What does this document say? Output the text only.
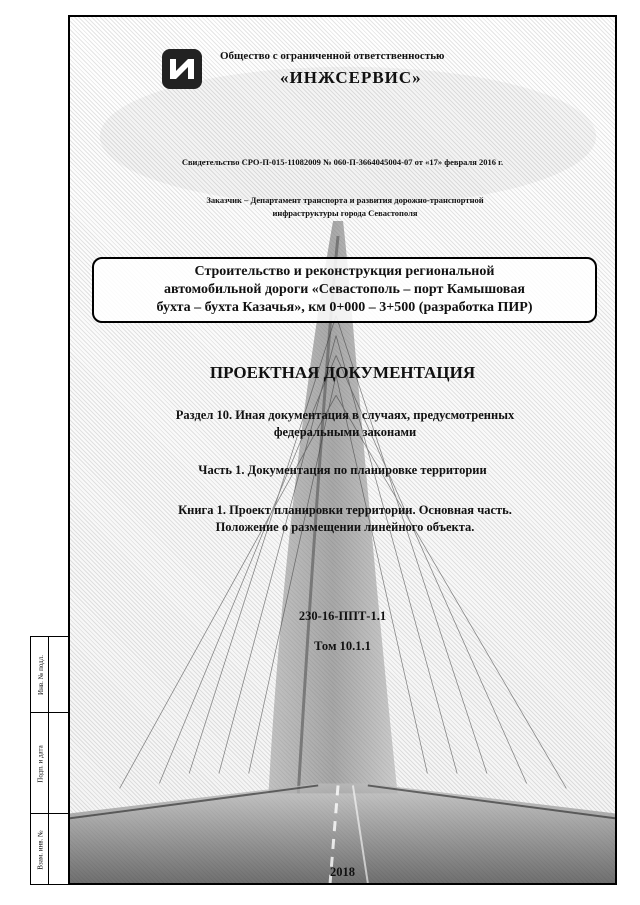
Инв. № подл.
Подп. и дата
Взам. инв. №
Общество с ограниченной ответственностью
«ИНЖСЕРВИС»
Свидетельство СРО-П-015-11082009 № 060-П-3664045004-07 от «17» февраля 2016 г.
Заказчик – Департамент транспорта и развития дорожно-транспортной
инфраструктуры города Севастополя
Строительство и реконструкция региональной
автомобильной дороги «Севастополь – порт Камышовая
бухта – бухта Казачья», км 0+000 – 3+500 (разработка ПИР)
ПРОЕКТНАЯ ДОКУМЕНТАЦИЯ
Раздел 10. Иная документация в случаях, предусмотренных
федеральными законами
Часть 1. Документация по планировке территории
Книга 1. Проект планировки территории. Основная часть.
Положение о размещении линейного объекта.
230-16-ППТ-1.1
Том 10.1.1
2018
